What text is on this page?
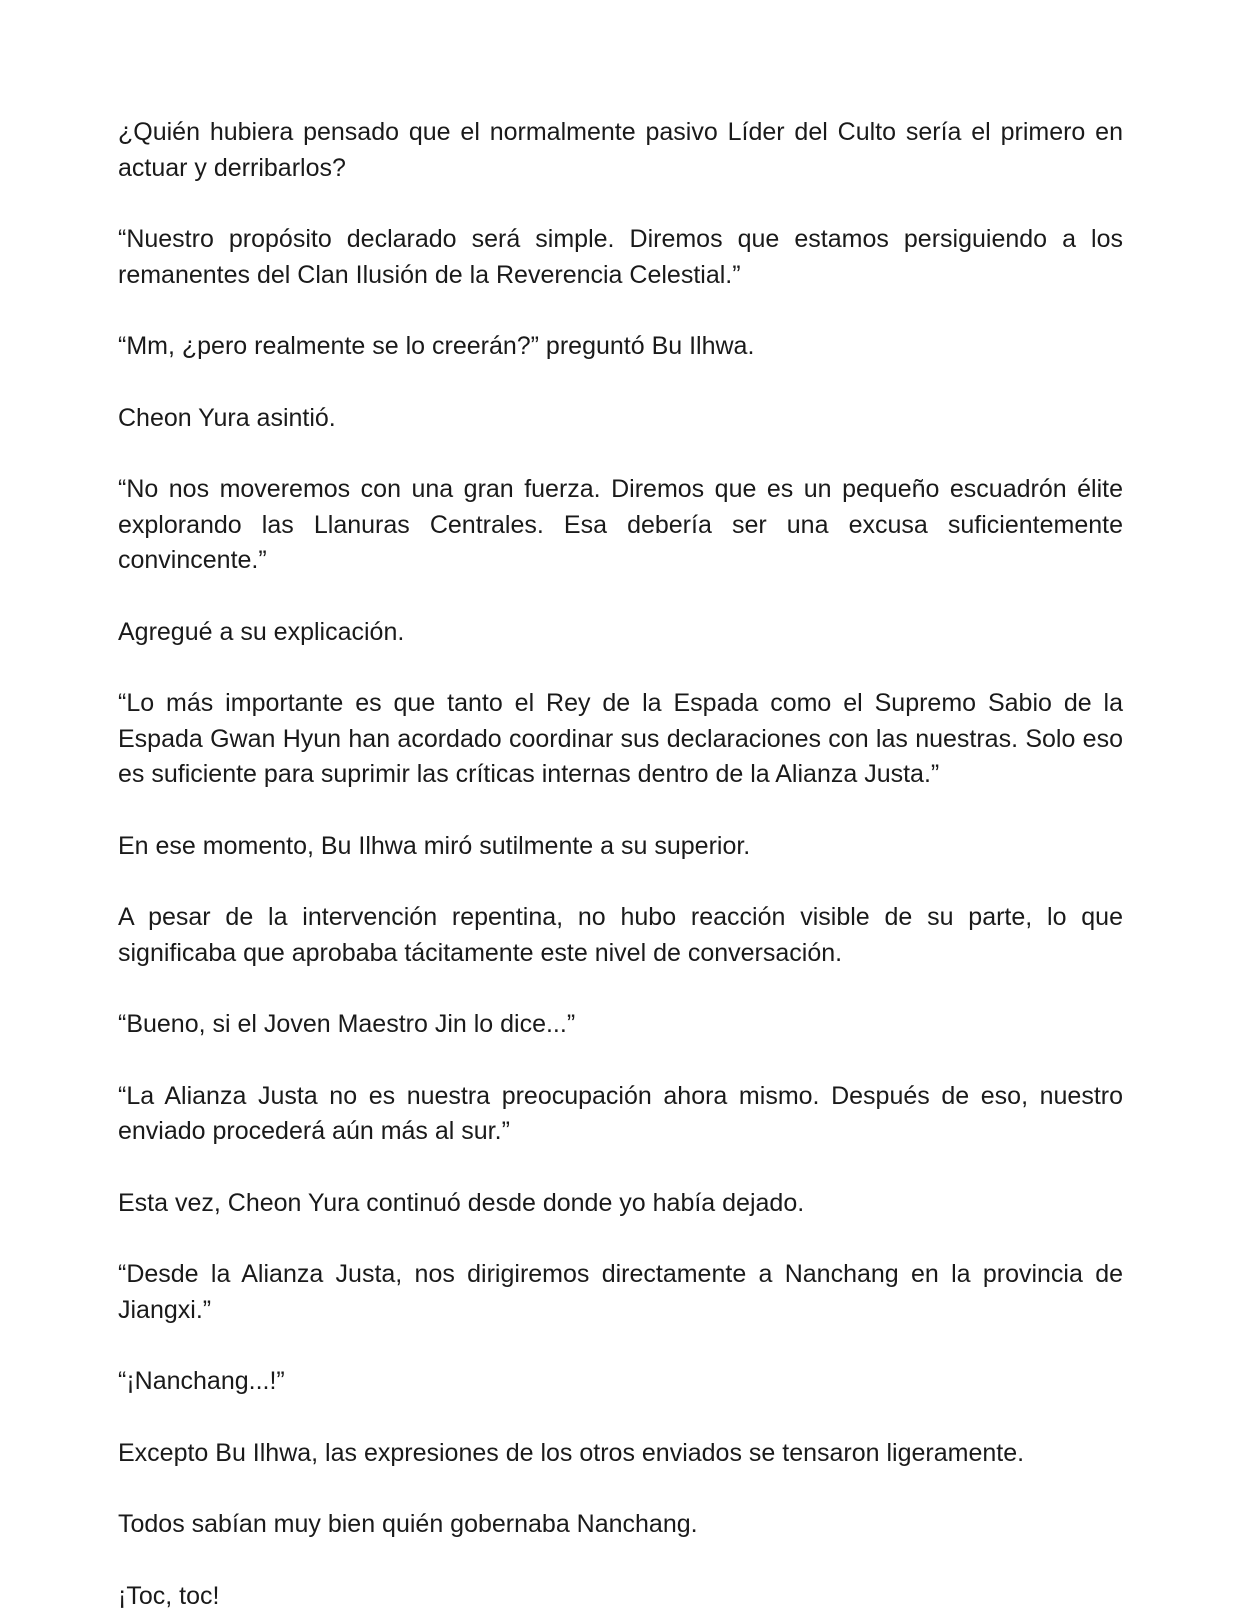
¿Quién hubiera pensado que el normalmente pasivo Líder del Culto sería el primero en actuar y derribarlos?

“Nuestro propósito declarado será simple. Diremos que estamos persiguiendo a los remanentes del Clan Ilusión de la Reverencia Celestial.”

“Mm, ¿pero realmente se lo creerán?” preguntó Bu Ilhwa.

Cheon Yura asintió.

“No nos moveremos con una gran fuerza. Diremos que es un pequeño escuadrón élite explorando las Llanuras Centrales. Esa debería ser una excusa suficientemente convincente.”

Agregué a su explicación.

“Lo más importante es que tanto el Rey de la Espada como el Supremo Sabio de la Espada Gwan Hyun han acordado coordinar sus declaraciones con las nuestras. Solo eso es suficiente para suprimir las críticas internas dentro de la Alianza Justa.”

En ese momento, Bu Ilhwa miró sutilmente a su superior.

A pesar de la intervención repentina, no hubo reacción visible de su parte, lo que significaba que aprobaba tácitamente este nivel de conversación.

“Bueno, si el Joven Maestro Jin lo dice...”

“La Alianza Justa no es nuestra preocupación ahora mismo. Después de eso, nuestro enviado procederá aún más al sur.”

Esta vez, Cheon Yura continuó desde donde yo había dejado.

“Desde la Alianza Justa, nos dirigiremos directamente a Nanchang en la provincia de Jiangxi.”

“¡Nanchang...!”

Excepto Bu Ilhwa, las expresiones de los otros enviados se tensaron ligeramente.

Todos sabían muy bien quién gobernaba Nanchang.

¡Toc, toc!
